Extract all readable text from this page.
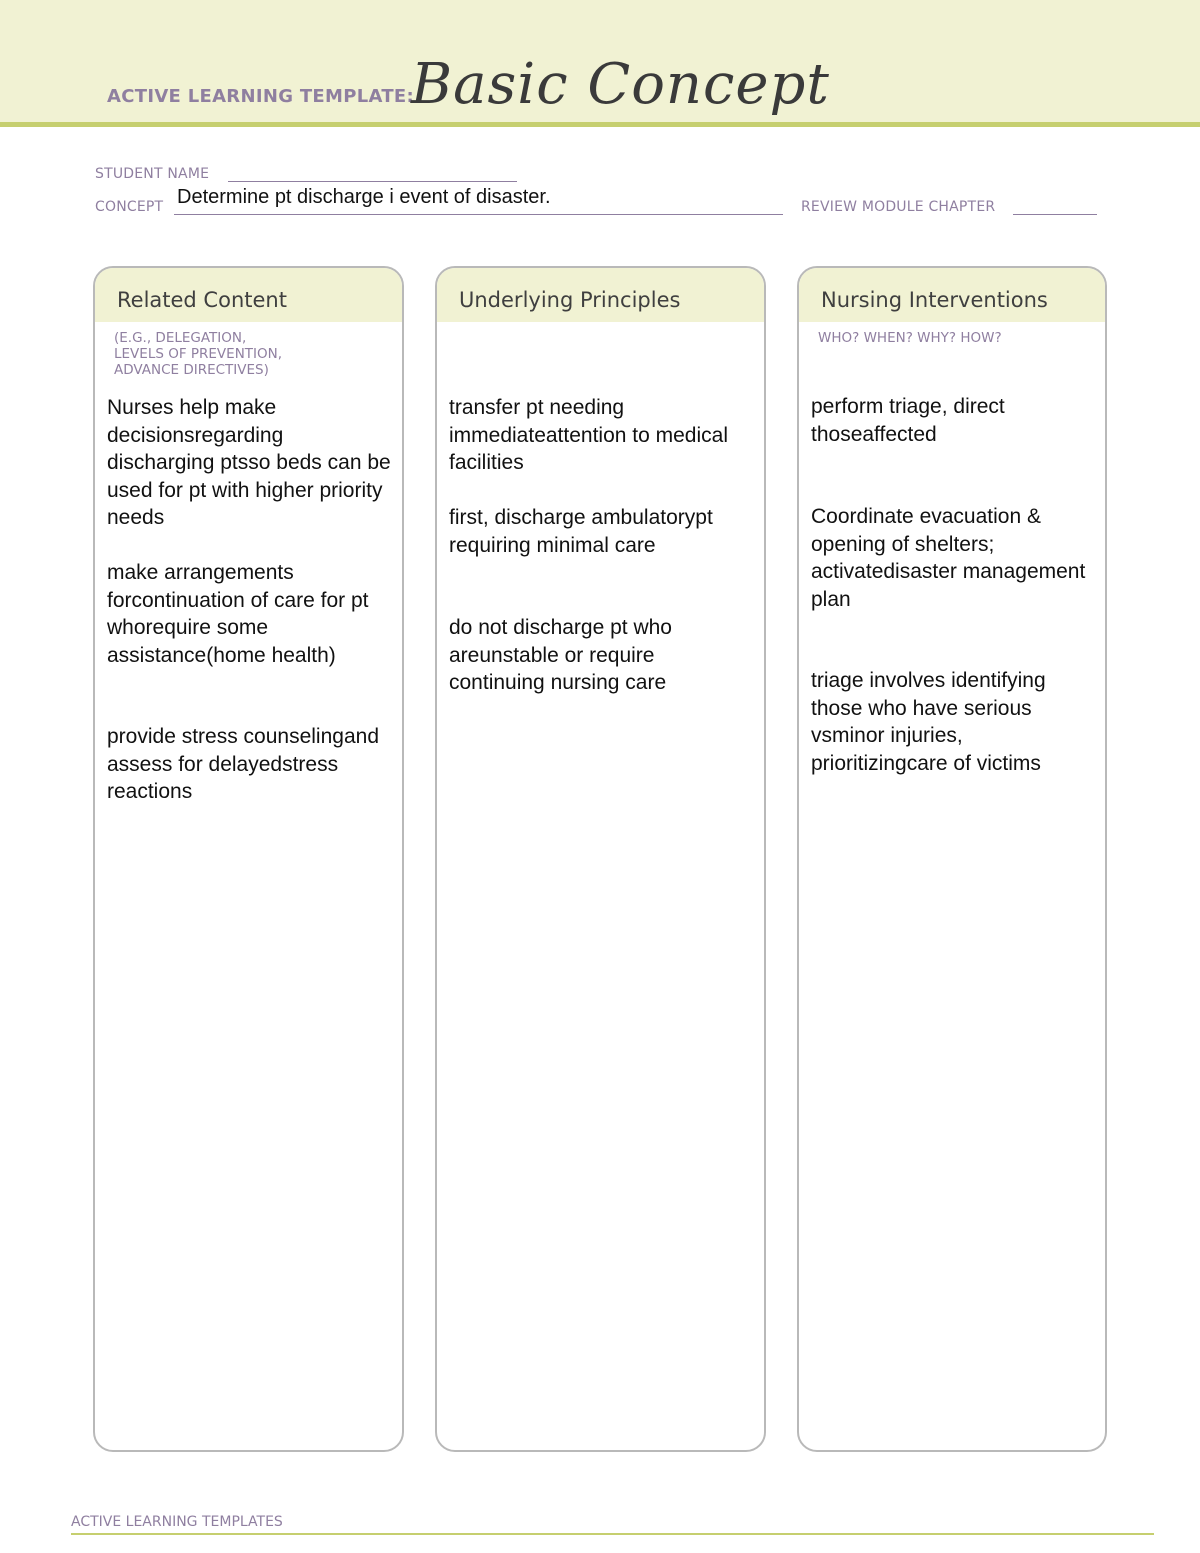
ACTIVE LEARNING TEMPLATE:
Basic Concept
STUDENT NAME
CONCEPT Determine pt discharge i event of disaster.	REVIEW MODULE CHAPTER
Related Content
(E.G., DELEGATION,
LEVELS OF PREVENTION,
ADVANCE DIRECTIVES)
Nurses help make decisionsregarding discharging ptsso beds can be used for pt with higher priority needs
make arrangements forcontinuation of care for pt whorequire some assistance(home health)
provide stress counselingand assess for delayedstress reactions
Underlying Principles
transfer pt needing immediateattention to medical facilities
first, discharge ambulatorypt requiring minimal care
do not discharge pt who areunstable or require continuing nursing care
Nursing Interventions
WHO? WHEN? WHY? HOW?
perform triage, direct thoseaffected
Coordinate evacuation & opening of shelters; activatedisaster management plan
triage involves identifying those who have serious vsminor injuries, prioritizingcare of victims
ACTIVE LEARNING TEMPLATES
